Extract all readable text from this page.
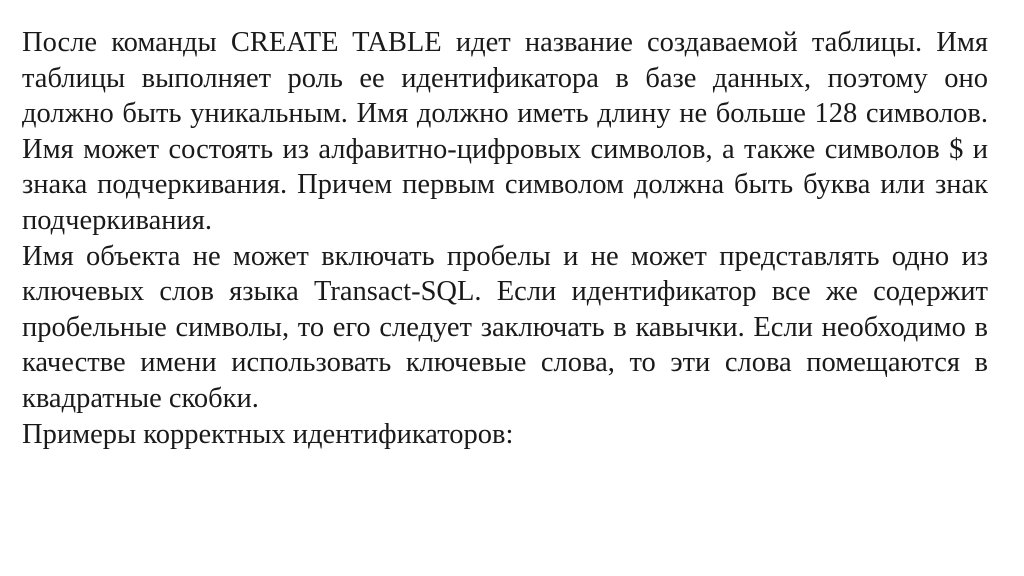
После команды CREATE TABLE идет название создаваемой таблицы. Имя таблицы выполняет роль ее идентификатора в базе данных, поэтому оно должно быть уникальным. Имя должно иметь длину не больше 128 символов. Имя может состоять из алфавитно-цифровых символов, а также символов $ и знака подчеркивания. Причем первым символом должна быть буква или знак подчеркивания.

Имя объекта не может включать пробелы и не может представлять одно из ключевых слов языка Transact-SQL. Если идентификатор все же содержит пробельные символы, то его следует заключать в кавычки. Если необходимо в качестве имени использовать ключевые слова, то эти слова помещаются в квадратные скобки.

Примеры корректных идентификаторов:
